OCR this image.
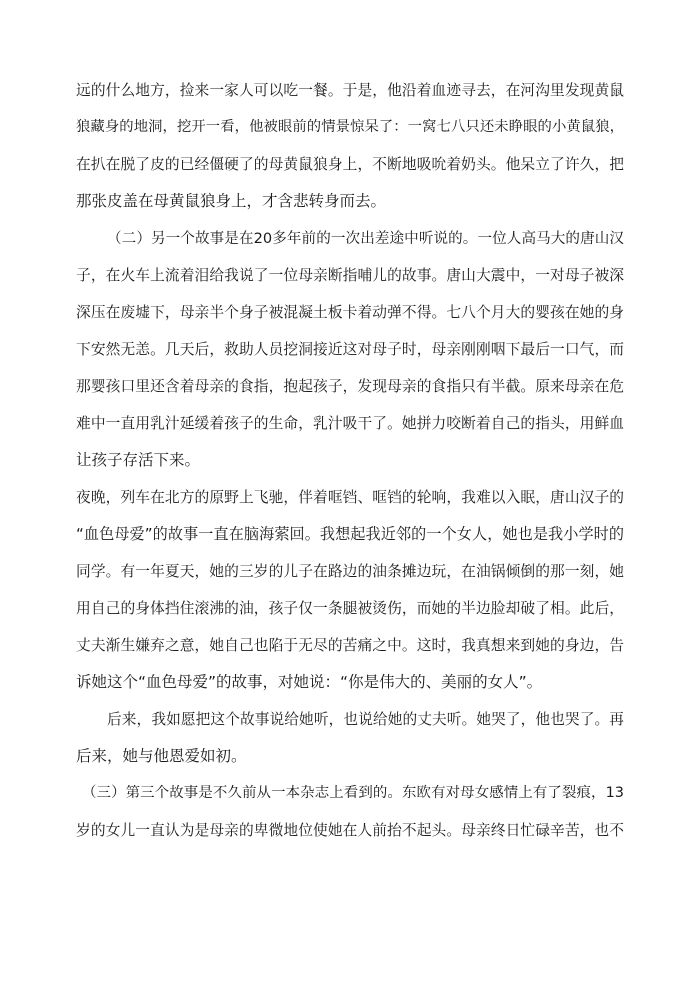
远的什么地方，捡来一家人可以吃一餐。于是，他沿着血迹寻去，在河沟里发现黄鼠
狼藏身的地洞，挖开一看，他被眼前的情景惊呆了：一窝七八只还未睁眼的小黄鼠狼，
在扒在脱了皮的已经僵硬了的母黄鼠狼身上，不断地吸吮着奶头。他呆立了许久，把
那张皮盖在母黄鼠狼身上，才含悲转身而去。
（二）另一个故事是在20多年前的一次出差途中听说的。一位人高马大的唐山汉
子，在火车上流着泪给我说了一位母亲断指哺儿的故事。唐山大震中，一对母子被深
深压在废墟下，母亲半个身子被混凝土板卡着动弹不得。七八个月大的婴孩在她的身
下安然无恙。几天后，救助人员挖洞接近这对母子时，母亲刚刚咽下最后一口气，而
那婴孩口里还含着母亲的食指，抱起孩子，发现母亲的食指只有半截。原来母亲在危
难中一直用乳汁延缓着孩子的生命，乳汁吸干了。她拼力咬断着自己的指头，用鲜血
让孩子存活下来。
夜晚，列车在北方的原野上飞驰，伴着哐铛、哐铛的轮响，我难以入眠，唐山汉子的
“血色母爱”的故事一直在脑海萦回。我想起我近邻的一个女人，她也是我小学时的
同学。有一年夏天，她的三岁的儿子在路边的油条摊边玩，在油锅倾倒的那一刻，她
用自己的身体挡住滚沸的油，孩子仅一条腿被烫伤，而她的半边脸却破了相。此后，
丈夫渐生嫌弃之意，她自己也陷于无尽的苦痛之中。这时，我真想来到她的身边，告
诉她这个“血色母爱”的故事，对她说：“你是伟大的、美丽的女人”。
后来，我如愿把这个故事说给她听，也说给她的丈夫听。她哭了，他也哭了。再
后来，她与他恩爱如初。
（三）第三个故事是不久前从一本杂志上看到的。东欧有对母女感情上有了裂痕，13
岁的女儿一直认为是母亲的卑微地位使她在人前抬不起头。母亲终日忙碌辛苦，也不
